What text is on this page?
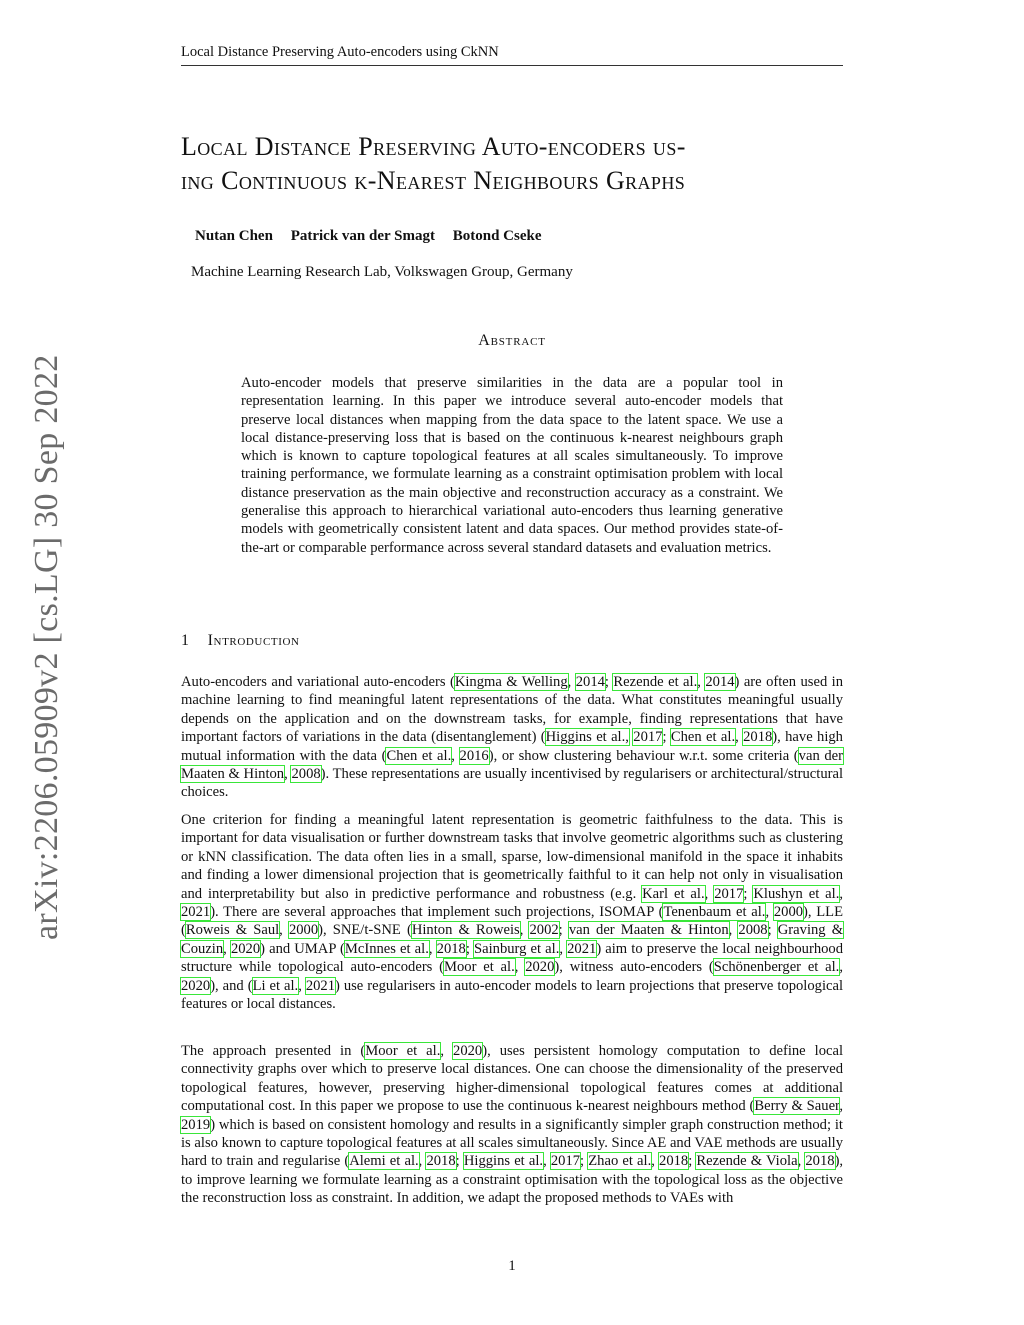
Local Distance Preserving Auto-encoders using CkNN
arXiv:2206.05909v2 [cs.LG] 30 Sep 2022
Local Distance Preserving Auto-encoders us-
ing Continuous k-Nearest Neighbours Graphs
Nutan Chen Patrick van der Smagt Botond Cseke
Machine Learning Research Lab, Volkswagen Group, Germany
Abstract
Auto-encoder models that preserve similarities in the data are a popular tool in representation learning. In this paper we introduce several auto-encoder models that preserve local distances when mapping from the data space to the latent space. We use a local distance-preserving loss that is based on the continuous k-nearest neighbours graph which is known to capture topological features at all scales simultaneously. To improve training performance, we formulate learning as a constraint optimisation problem with local distance preservation as the main objective and reconstruction accuracy as a constraint. We generalise this approach to hierarchical variational auto-encoders thus learning generative models with geometrically consistent latent and data spaces. Our method provides state-of-the-art or comparable performance across several standard datasets and evaluation metrics.
1 Introduction
Auto-encoders and variational auto-encoders (Kingma & Welling, 2014; Rezende et al., 2014) are often used in machine learning to find meaningful latent representations of the data. What constitutes meaningful usually depends on the application and on the downstream tasks, for example, finding representations that have important factors of variations in the data (disentanglement) (Higgins et al., 2017; Chen et al., 2018), have high mutual information with the data (Chen et al., 2016), or show clustering behaviour w.r.t. some criteria (van der Maaten & Hinton, 2008). These representations are usually incentivised by regularisers or architectural/structural choices.
One criterion for finding a meaningful latent representation is geometric faithfulness to the data. This is important for data visualisation or further downstream tasks that involve geometric algorithms such as clustering or kNN classification. The data often lies in a small, sparse, low-dimensional manifold in the space it inhabits and finding a lower dimensional projection that is geometrically faithful to it can help not only in visualisation and interpretability but also in predictive performance and robustness (e.g. Karl et al., 2017; Klushyn et al., 2021). There are several approaches that implement such projections, ISOMAP (Tenenbaum et al., 2000), LLE (Roweis & Saul, 2000), SNE/t-SNE (Hinton & Roweis, 2002; van der Maaten & Hinton, 2008; Graving & Couzin, 2020) and UMAP (McInnes et al., 2018; Sainburg et al., 2021) aim to preserve the local neighbourhood structure while topological auto-encoders (Moor et al., 2020), witness auto-encoders (Schönenberger et al., 2020), and (Li et al., 2021) use regularisers in auto-encoder models to learn projections that preserve topological features or local distances.
The approach presented in (Moor et al., 2020), uses persistent homology computation to define local connectivity graphs over which to preserve local distances. One can choose the dimensionality of the preserved topological features, however, preserving higher-dimensional topological features comes at additional computational cost. In this paper we propose to use the continuous k-nearest neighbours method (Berry & Sauer, 2019) which is based on consistent homology and results in a significantly simpler graph construction method; it is also known to capture topological features at all scales simultaneously. Since AE and VAE methods are usually hard to train and regularise (Alemi et al., 2018; Higgins et al., 2017; Zhao et al., 2018; Rezende & Viola, 2018), to improve learning we formulate learning as a constraint optimisation with the topological loss as the objective the reconstruction loss as constraint. In addition, we adapt the proposed methods to VAEs with
1
